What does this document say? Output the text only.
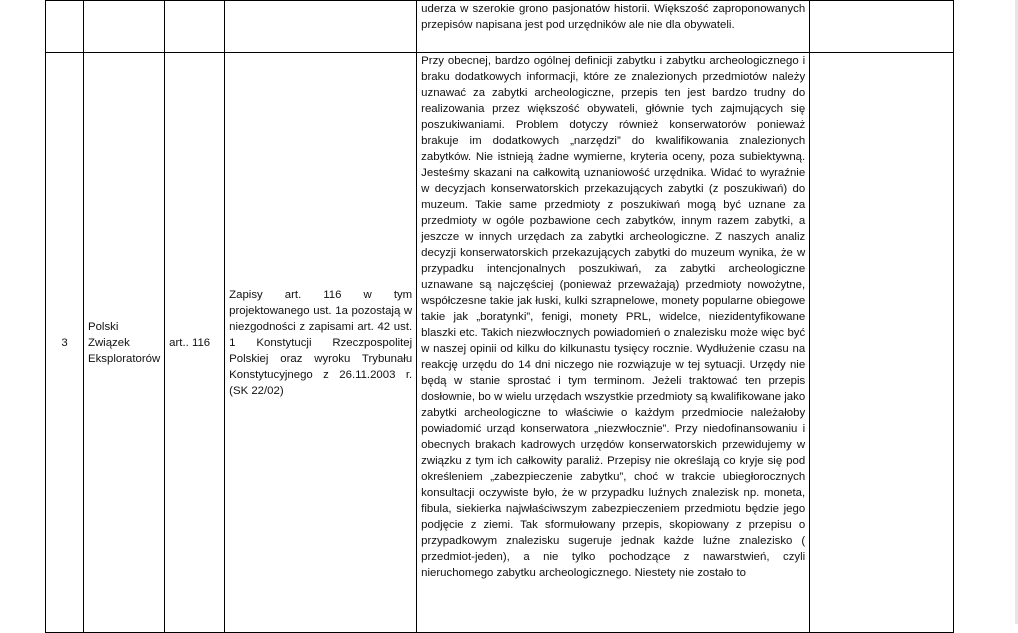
				uderza w szerokie grono pasjonatów historii. Większość zaproponowanych przepisów napisana jest pod urzędników ale nie dla obywateli.	
3	Polski Związek Eksploratorów	art.. 116	Zapisy art. 116 w tym projektowanego ust. 1a pozostają w niezgodności z zapisami art. 42 ust. 1 Konstytucji Rzeczpospolitej Polskiej oraz wyroku Trybunału Konstytucyjnego z 26.11.2003 r. (SK 22/02)	Przy obecnej, bardzo ogólnej definicji zabytku i zabytku archeologicznego i braku dodatkowych informacji, które ze znalezionych przedmiotów należy uznawać za zabytki archeologiczne, przepis ten jest bardzo trudny do realizowania przez większość obywateli, głównie tych zajmujących się poszukiwaniami. Problem dotyczy również konserwatorów ponieważ brakuje im dodatkowych „narzędzi” do kwalifikowania znalezionych zabytków. Nie istnieją żadne wymierne, kryteria oceny, poza subiektywną. Jesteśmy skazani na całkowitą uznaniowość urzędnika. Widać to wyraźnie w decyzjach konserwatorskich przekazujących zabytki (z poszukiwań) do muzeum. Takie same przedmioty z poszukiwań mogą być uznane za przedmioty w ogóle pozbawione cech zabytków, innym razem zabytki, a jeszcze w innych urzędach za zabytki archeologiczne. Z naszych analiz decyzji konserwatorskich przekazujących zabytki do muzeum wynika, że w przypadku intencjonalnych poszukiwań, za zabytki archeologiczne uznawane są najczęściej (ponieważ przeważają) przedmioty nowożytne, współczesne takie jak łuski, kulki szrapnelowe, monety popularne obiegowe takie jak „boratynki”, fenigi, monety PRL, widelce, niezidentyfikowane blaszki etc. Takich niezwłocznych powiadomień o znalezisku może więc być w naszej opinii od kilku do kilkunastu tysięcy rocznie. Wydłużenie czasu na reakcję urzędu do 14 dni niczego nie rozwiązuje w tej sytuacji. Urzędy nie będą w stanie sprostać i tym terminom. Jeżeli traktować ten przepis dosłownie, bo w wielu urzędach wszystkie przedmioty są kwalifikowane jako zabytki archeologiczne to właściwie o każdym przedmiocie należałoby powiadomić urząd konserwatora „niezwłocznie”. Przy niedofinansowaniu i obecnych brakach kadrowych urzędów konserwatorskich przewidujemy w związku z tym ich całkowity paraliż. Przepisy nie określają co kryje się pod określeniem „zabezpieczenie zabytku”, choć w trakcie ubiegłorocznych konsultacji oczywiste było, że w przypadku luźnych znalezisk np. moneta, fibula, siekierka najwłaściwszym zabezpieczeniem przedmiotu będzie jego podjęcie z ziemi. Tak sformułowany przepis, skopiowany z przepisu o przypadkowym znalezisku sugeruje jednak każde luźne znalezisko ( przedmiot-jeden), a nie tylko pochodzące z nawarstwień, czyli nieruchomego zabytku archeologicznego. Niestety nie zostało to	
